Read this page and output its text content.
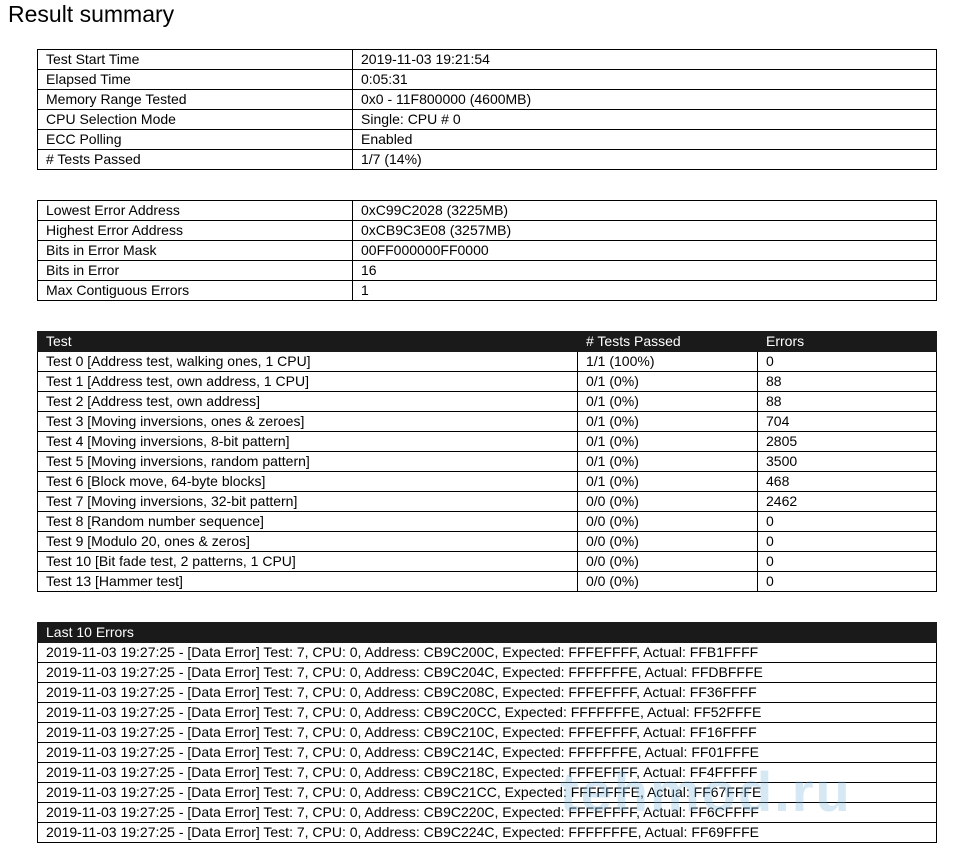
Result summary
Test Start Time	2019-11-03 19:21:54
Elapsed Time	0:05:31
Memory Range Tested	0x0 - 11F800000 (4600MB)
CPU Selection Mode	Single: CPU # 0
ECC Polling	Enabled
# Tests Passed	1/7 (14%)
Lowest Error Address	0xC99C2028 (3225MB)
Highest Error Address	0xCB9C3E08 (3257MB)
Bits in Error Mask	00FF000000FF0000
Bits in Error	16
Max Contiguous Errors	1
Test	# Tests Passed	Errors
Test 0 [Address test, walking ones, 1 CPU]	1/1 (100%)	0
Test 1 [Address test, own address, 1 CPU]	0/1 (0%)	88
Test 2 [Address test, own address]	0/1 (0%)	88
Test 3 [Moving inversions, ones & zeroes]	0/1 (0%)	704
Test 4 [Moving inversions, 8-bit pattern]	0/1 (0%)	2805
Test 5 [Moving inversions, random pattern]	0/1 (0%)	3500
Test 6 [Block move, 64-byte blocks]	0/1 (0%)	468
Test 7 [Moving inversions, 32-bit pattern]	0/0 (0%)	2462
Test 8 [Random number sequence]	0/0 (0%)	0
Test 9 [Modulo 20, ones & zeros]	0/0 (0%)	0
Test 10 [Bit fade test, 2 patterns, 1 CPU]	0/0 (0%)	0
Test 13 [Hammer test]	0/0 (0%)	0
Last 10 Errors
2019-11-03 19:27:25 - [Data Error] Test: 7, CPU: 0, Address: CB9C200C, Expected: FFFEFFFF, Actual: FFB1FFFF
2019-11-03 19:27:25 - [Data Error] Test: 7, CPU: 0, Address: CB9C204C, Expected: FFFFFFFE, Actual: FFDBFFFE
2019-11-03 19:27:25 - [Data Error] Test: 7, CPU: 0, Address: CB9C208C, Expected: FFFEFFFF, Actual: FF36FFFF
2019-11-03 19:27:25 - [Data Error] Test: 7, CPU: 0, Address: CB9C20CC, Expected: FFFFFFFE, Actual: FF52FFFE
2019-11-03 19:27:25 - [Data Error] Test: 7, CPU: 0, Address: CB9C210C, Expected: FFFEFFFF, Actual: FF16FFFF
2019-11-03 19:27:25 - [Data Error] Test: 7, CPU: 0, Address: CB9C214C, Expected: FFFFFFFE, Actual: FF01FFFE
2019-11-03 19:27:25 - [Data Error] Test: 7, CPU: 0, Address: CB9C218C, Expected: FFFEFFFF, Actual: FF4FFFFF
2019-11-03 19:27:25 - [Data Error] Test: 7, CPU: 0, Address: CB9C21CC, Expected: FFFFFFFE, Actual: FF67FFFE
2019-11-03 19:27:25 - [Data Error] Test: 7, CPU: 0, Address: CB9C220C, Expected: FFFEFFFF, Actual: FF6CFFFF
2019-11-03 19:27:25 - [Data Error] Test: 7, CPU: 0, Address: CB9C224C, Expected: FFFFFFFE, Actual: FF69FFFE
tehmod.ru
